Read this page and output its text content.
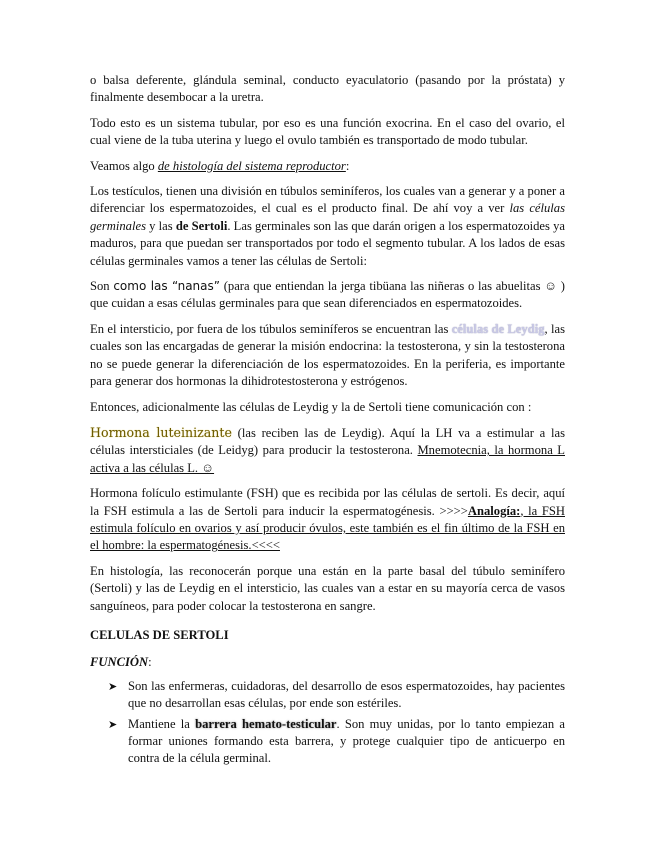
o balsa deferente, glándula seminal, conducto eyaculatorio (pasando por la próstata) y finalmente desembocar a la uretra.

Todo esto es un sistema tubular, por eso es una función exocrina. En el caso del ovario, el cual viene de la tuba uterina y luego el ovulo también es transportado de modo tubular.

Veamos algo de histología del sistema reproductor:

Los testículos, tienen una división en túbulos seminíferos, los cuales van a generar y a poner a diferenciar los espermatozoides, el cual es el producto final. De ahí voy a ver las células germinales y las de Sertoli. Las germinales son las que darán origen a los espermatozoides ya maduros, para que puedan ser transportados por todo el segmento tubular. A los lados de esas células germinales vamos a tener las células de Sertoli:

Son como las “nanas” (para que entiendan la jerga tibüana las niñeras o las abuelitas ☺ ) que cuidan a esas células germinales para que sean diferenciados en espermatozoides.

En el intersticio, por fuera de los túbulos seminíferos se encuentran las células de Leydig, las cuales son las encargadas de generar la misión endocrina: la testosterona, y sin la testosterona no se puede generar la diferenciación de los espermatozoides. En la periferia, es importante para generar dos hormonas la dihidrotestosterona y estrógenos.

Entonces, adicionalmente las células de Leydig y la de Sertoli tiene comunicación con :

Hormona luteinizante (las reciben las de Leydig). Aquí la LH va a estimular a las células intersticiales (de Leidyg) para producir la testosterona. Mnemotecnia, la hormona L activa a las células L. ☺

Hormona folículo estimulante (FSH) que es recibida por las células de sertoli. Es decir, aquí la FSH estimula a las de Sertoli para inducir la espermatogénesis. >>>>Analogía:, la FSH estimula folículo en ovarios y así producir óvulos, este también es el fin último de la FSH en el hombre: la espermatogénesis.<<<<

En histología, las reconocerán porque una están en la parte basal del túbulo seminífero (Sertoli) y las de Leydig en el intersticio, las cuales van a estar en su mayoría cerca de vasos sanguíneos, para poder colocar la testosterona en sangre.

CELULAS DE SERTOLI
FUNCIÓN:
➤ Son las enfermeras, cuidadoras, del desarrollo de esos espermatozoides, hay pacientes que no desarrollan esas células, por ende son estériles.
➤ Mantiene la barrera hemato-testicular. Son muy unidas, por lo tanto empiezan a formar uniones formando esta barrera, y protege cualquier tipo de anticuerpo en contra de la célula germinal.
